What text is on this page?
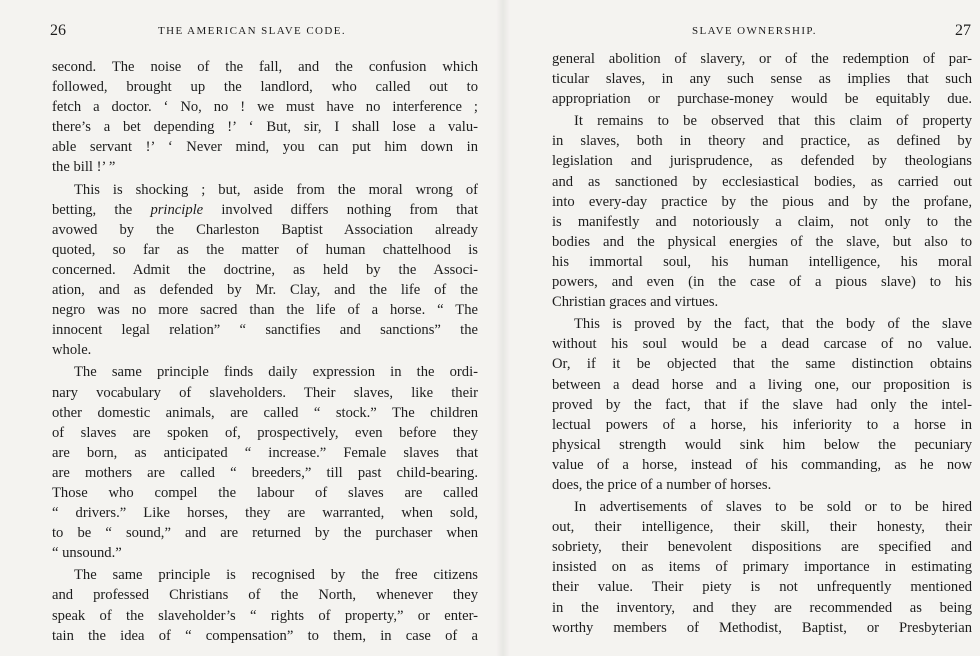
26	THE AMERICAN SLAVE CODE.
second. The noise of the fall, and the confusion which
followed, brought up the landlord, who called out to
fetch a doctor. ‘ No, no ! we must have no interference ;
there’s a bet depending !’ ‘ But, sir, I shall lose a valu-
able servant !’ ‘ Never mind, you can put him down in
the bill !’ ”
This is shocking ; but, aside from the moral wrong of
betting, the principle involved differs nothing from that
avowed by the Charleston Baptist Association already
quoted, so far as the matter of human chattelhood is
concerned. Admit the doctrine, as held by the Associ-
ation, and as defended by Mr. Clay, and the life of the
negro was no more sacred than the life of a horse. “ The
innocent legal relation” “ sanctifies and sanctions” the
whole.
The same principle finds daily expression in the ordi-
nary vocabulary of slaveholders. Their slaves, like their
other domestic animals, are called “ stock.” The children
of slaves are spoken of, prospectively, even before they
are born, as anticipated “ increase.” Female slaves that
are mothers are called “ breeders,” till past child-bearing.
Those who compel the labour of slaves are called
“ drivers.” Like horses, they are warranted, when sold,
to be “ sound,” and are returned by the purchaser when
“ unsound.”
The same principle is recognised by the free citizens
and professed Christians of the North, whenever they
speak of the slaveholder’s “ rights of property,” or enter-
tain the idea of “ compensation” to them, in case of a
SLAVE OWNERSHIP.	27
general abolition of slavery, or of the redemption of par-
ticular slaves, in any such sense as implies that such
appropriation or purchase-money would be equitably due.
It remains to be observed that this claim of property
in slaves, both in theory and practice, as defined by
legislation and jurisprudence, as defended by theologians
and as sanctioned by ecclesiastical bodies, as carried out
into every-day practice by the pious and by the profane,
is manifestly and notoriously a claim, not only to the
bodies and the physical energies of the slave, but also to
his immortal soul, his human intelligence, his moral
powers, and even (in the case of a pious slave) to his
Christian graces and virtues.
This is proved by the fact, that the body of the slave
without his soul would be a dead carcase of no value.
Or, if it be objected that the same distinction obtains
between a dead horse and a living one, our proposition is
proved by the fact, that if the slave had only the intel-
lectual powers of a horse, his inferiority to a horse in
physical strength would sink him below the pecuniary
value of a horse, instead of his commanding, as he now
does, the price of a number of horses.
In advertisements of slaves to be sold or to be hired
out, their intelligence, their skill, their honesty, their
sobriety, their benevolent dispositions are specified and
insisted on as items of primary importance in estimating
their value. Their piety is not unfrequently mentioned
in the inventory, and they are recommended as being
worthy members of Methodist, Baptist, or Presbyterian
